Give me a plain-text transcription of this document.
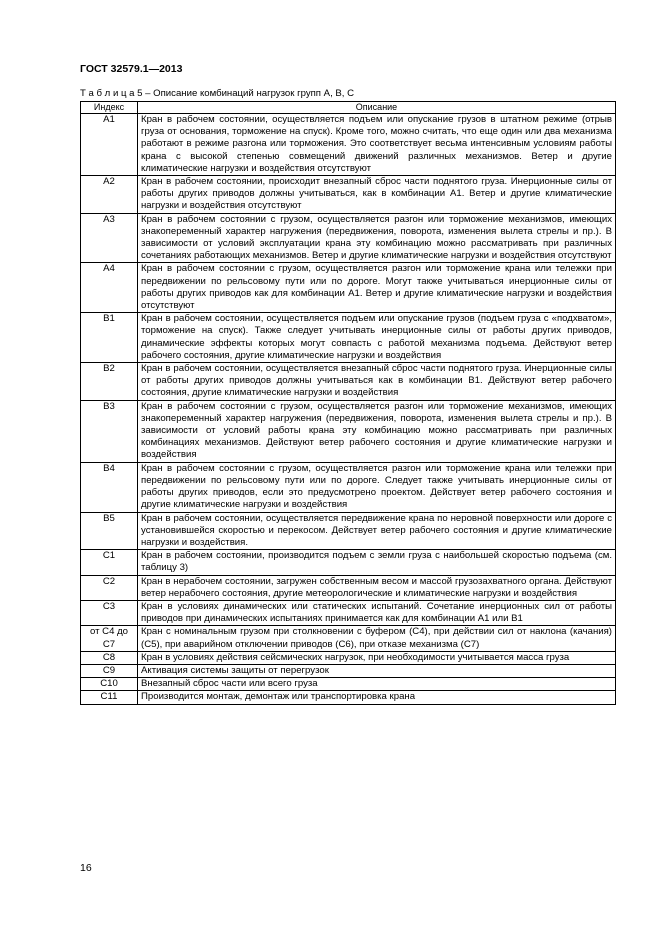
ГОСТ 32579.1—2013

Т а б л и ц а 5 – Описание комбинаций нагрузок групп А, В, С

Индекс	Описание
А1	Кран в рабочем состоянии, осуществляется подъем или опускание грузов в штатном режиме (отрыв груза от основания, торможение на спуск). Кроме того, можно считать, что еще один или два механизма работают в режиме разгона или торможения. Это соответствует весьма интенсивным условиям работы крана с высокой степенью совмещений движений различных механизмов. Ветер и другие климатические нагрузки и воздействия отсутствуют
А2	Кран в рабочем состоянии, происходит внезапный сброс части поднятого груза. Инерционные силы от работы других приводов должны учитываться, как в комбинации А1. Ветер и другие климатические нагрузки и воздействия отсутствуют
А3	Кран в рабочем состоянии с грузом, осуществляется разгон или торможение механизмов, имеющих знакопеременный характер нагружения (передвижения, поворота, изменения вылета стрелы и пр.). В зависимости от условий эксплуатации крана эту комбинацию можно рассматривать при различных сочетаниях работающих механизмов. Ветер и другие климатические нагрузки и воздействия отсутствуют
А4	Кран в рабочем состоянии с грузом, осуществляется разгон или торможение крана или тележки при передвижении по рельсовому пути или по дороге. Могут также учитываться инерционные силы от работы других приводов как для комбинации А1. Ветер и другие климатические нагрузки и воздействия отсутствуют
В1	Кран в рабочем состоянии, осуществляется подъем или опускание грузов (подъем груза с «подхватом», торможение на спуск). Также следует учитывать инерционные силы от работы других приводов, динамические эффекты которых могут совпасть с работой механизма подъема. Действуют ветер рабочего состояния, другие климатические нагрузки и воздействия
В2	Кран в рабочем состоянии, осуществляется внезапный сброс части поднятого груза. Инерционные силы от работы других приводов должны учитываться как в комбинации В1. Действуют ветер рабочего состояния, другие климатические нагрузки и воздействия
В3	Кран в рабочем состоянии с грузом, осуществляется разгон или торможение механизмов, имеющих знакопеременный характер нагружения (передвижения, поворота, изменения вылета стрелы и пр.). В зависимости от условий работы крана эту комбинацию можно рассматривать при различных комбинациях механизмов. Действуют ветер рабочего состояния и другие климатические нагрузки и воздействия
В4	Кран в рабочем состоянии с грузом, осуществляется разгон или торможение крана или тележки при передвижении по рельсовому пути или по дороге. Следует также учитывать инерционные силы от работы других приводов, если это предусмотрено проектом. Действует ветер рабочего состояния и другие климатические нагрузки и воздействия
В5	Кран в рабочем состоянии, осуществляется передвижение крана по неровной поверхности или дороге с установившейся скоростью и перекосом. Действует ветер рабочего состояния и другие климатические нагрузки и воздействия.
С1	Кран в рабочем состоянии, производится подъем с земли груза с наибольшей скоростью подъема (см. таблицу 3)
С2	Кран в нерабочем состоянии, загружен собственным весом и массой грузозахватного органа. Действуют ветер нерабочего состояния, другие метеорологические и климатические нагрузки и воздействия
С3	Кран в условиях динамических или статических испытаний. Сочетание инерционных сил от работы приводов при динамических испытаниях принимается как для комбинации А1 или В1
от С4 до С7	Кран с номинальным грузом при столкновении с буфером (С4), при действии сил от наклона (качания) (С5), при аварийном отключении приводов (С6), при отказе механизма (С7)
С8	Кран в условиях действия сейсмических нагрузок, при необходимости учитывается масса груза
С9	Активация системы защиты от перегрузок
С10	Внезапный сброс части или всего груза
С11	Производится монтаж, демонтаж или транспортировка крана

16
